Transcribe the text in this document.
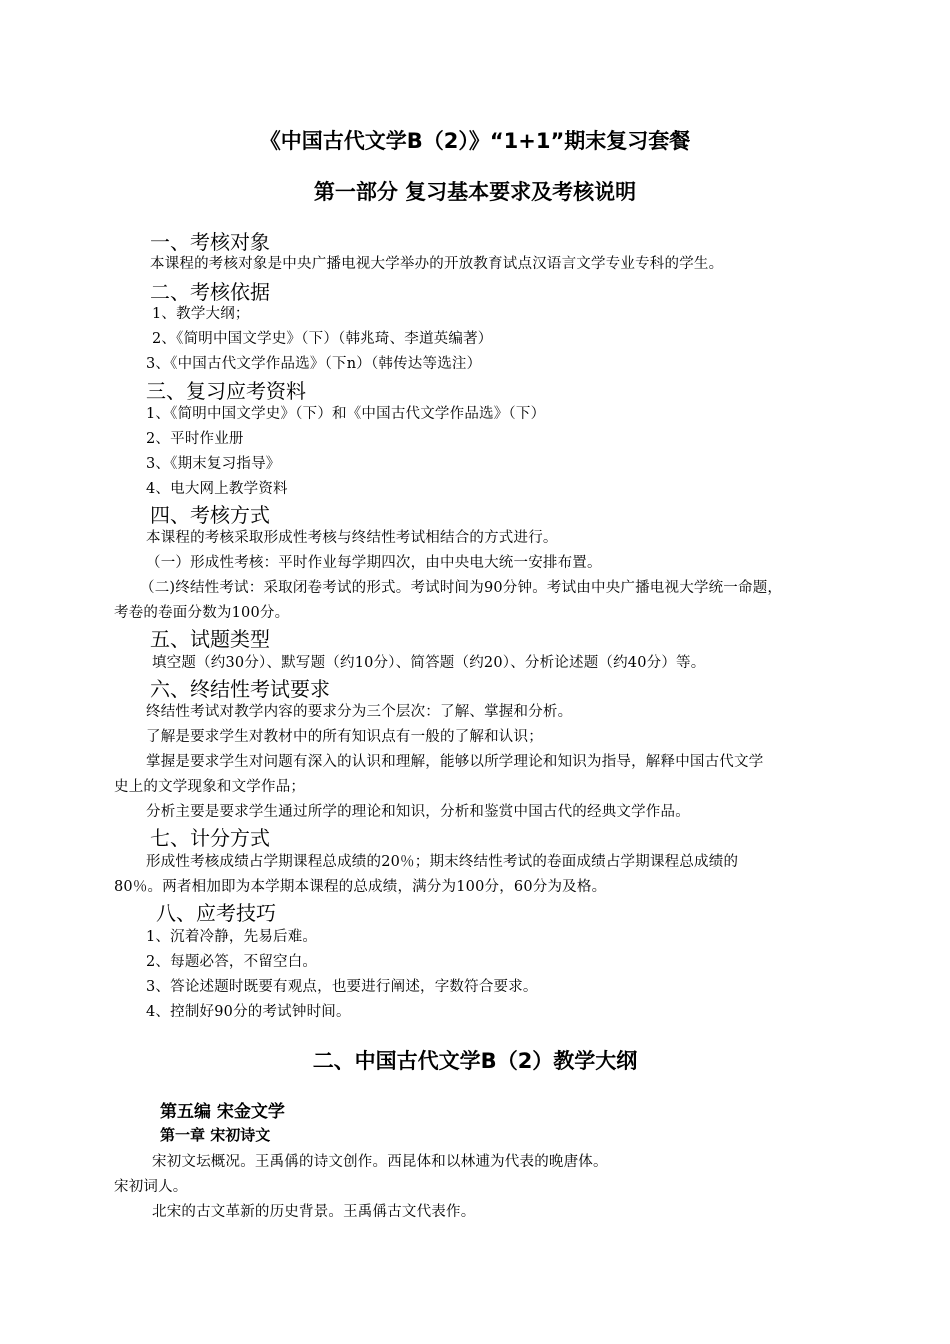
《中国古代文学B（2）》“1+1”期末复习套餐
第一部分 复习基本要求及考核说明
一、考核对象
本课程的考核对象是中央广播电视大学举办的开放教育试点汉语言文学专业专科的学生。
二、考核依据
1、教学大纲；
2、《简明中国文学史》（下）（韩兆琦、李道英编著）
3、《中国古代文学作品选》（下n）（韩传达等选注）
三、复习应考资料
1、《简明中国文学史》（下）和《中国古代文学作品选》（下）
2、平时作业册
3、《期末复习指导》
4、电大网上教学资料
四、考核方式
本课程的考核采取形成性考核与终结性考试相结合的方式进行。
（一）形成性考核：平时作业每学期四次，由中央电大统一安排布置。
（二)终结性考试：采取闭卷考试的形式。考试时间为90分钟。考试由中央广播电视大学统一命题，
考卷的卷面分数为100分。
五、试题类型
填空题（约30分）、默写题（约10分）、简答题（约20）、分析论述题（约40分）等。
六、终结性考试要求
终结性考试对教学内容的要求分为三个层次：了解、掌握和分析。
了解是要求学生对教材中的所有知识点有一般的了解和认识；
掌握是要求学生对问题有深入的认识和理解，能够以所学理论和知识为指导，解释中国古代文学
史上的文学现象和文学作品；
分析主要是要求学生通过所学的理论和知识，分析和鉴赏中国古代的经典文学作品。
七、计分方式
形成性考核成绩占学期课程总成绩的20％；期末终结性考试的卷面成绩占学期课程总成绩的
80％。两者相加即为本学期本课程的总成绩，满分为100分，60分为及格。
八、应考技巧
1、沉着冷静，先易后难。
2、每题必答，不留空白。
3、答论述题时既要有观点，也要进行阐述，字数符合要求。
4、控制好90分的考试钟时间。
二、中国古代文学B（2）教学大纲
第五编 宋金文学
第一章 宋初诗文
宋初文坛概况。王禹偁的诗文创作。西昆体和以林逋为代表的晚唐体。
宋初词人。
北宋的古文革新的历史背景。王禹偁古文代表作。
